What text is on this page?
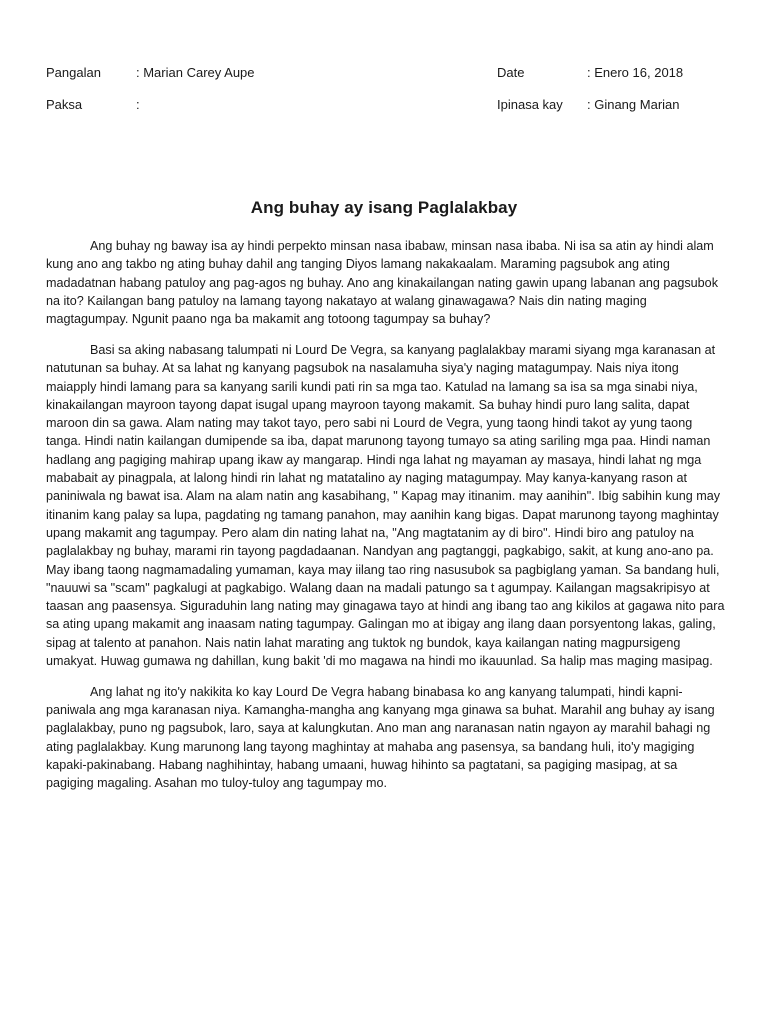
Pangalan	: Marian Carey Aupe	Date	: Enero 16, 2018
Paksa	:	Ipinasa kay : Ginang Marian
Ang buhay ay isang Paglalakbay

Ang buhay ng baway isa ay hindi perpekto minsan nasa ibabaw, minsan nasa ibaba. Ni isa sa atin ay hindi alam kung ano ang takbo ng ating buhay dahil ang tanging Diyos lamang nakakaalam. Maraming pagsubok ang ating madadatnan habang patuloy ang pag-agos ng buhay. Ano ang kinakailangan nating gawin upang labanan ang pagsubok na ito? Kailangan bang patuloy na lamang tayong nakatayo at walang ginawagawa? Nais din nating maging magtagumpay. Ngunit paano nga ba makamit ang totoong tagumpay sa buhay?

Basi sa aking nabasang talumpati ni Lourd De Vegra, sa kanyang paglalakbay marami siyang mga karanasan at natutunan sa buhay. At sa lahat ng kanyang pagsubok na nasalamuha siya'y naging matagumpay. Nais niya itong maiapply hindi lamang para sa kanyang sarili kundi pati rin sa mga tao. Katulad na lamang sa isa sa mga sinabi niya, kinakailangan mayroon tayong dapat isugal upang mayroon tayong makamit. Sa buhay hindi puro lang salita, dapat maroon din sa gawa. Alam nating may takot tayo, pero sabi ni Lourd de Vegra, yung taong hindi takot ay yung taong tanga. Hindi natin kailangan dumipende sa iba, dapat marunong tayong tumayo sa ating sariling mga paa. Hindi naman hadlang ang pagiging mahirap upang ikaw ay mangarap. Hindi nga lahat ng mayaman ay masaya, hindi lahat ng mga mababait ay pinagpala, at lalong hindi rin lahat ng matatalino ay naging matagumpay. May kanya-kanyang rason at paniniwala ng bawat isa. Alam na alam natin ang kasabihang, " Kapag may itinanim. may aanihin". Ibig sabihin kung may itinanim kang palay sa lupa, pagdating ng tamang panahon, may aanihin kang bigas. Dapat marunong tayong maghintay upang makamit ang tagumpay. Pero alam din nating lahat na, "Ang magtatanim ay di biro". Hindi biro ang patuloy na paglalakbay ng buhay, marami rin tayong pagdadaanan. Nandyan ang pagtanggi, pagkabigo, sakit, at kung ano-ano pa. May ibang taong nagmamadaling yumaman, kaya may iilang tao ring nasusubok sa pagbiglang yaman. Sa bandang huli, "nauuwi sa "scam" pagkalugi at pagkabigo. Walang daan na madali patungo sa t agumpay. Kailangan magsakripisyo at taasan ang paasensya. Siguraduhin lang nating may ginagawa tayo at hindi ang ibang tao ang kikilos at gagawa nito para sa ating upang makamit ang inaasam nating tagumpay. Galingan mo at ibigay ang ilang daan porsyentong lakas, galing, sipag at talento at panahon. Nais natin lahat marating ang tuktok ng bundok, kaya kailangan nating magpursigeng umakyat. Huwag gumawa ng dahillan, kung bakit 'di mo magawa na hindi mo ikauunlad. Sa halip mas maging masipag.

Ang lahat ng ito'y nakikita ko kay Lourd De Vegra habang binabasa ko ang kanyang talumpati, hindi kapni-paniwala ang mga karanasan niya. Kamangha-mangha ang kanyang mga ginawa sa buhat. Marahil ang buhay ay isang paglalakbay, puno ng pagsubok, laro, saya at kalungkutan. Ano man ang naranasan natin ngayon ay marahil bahagi ng ating paglalakbay. Kung marunong lang tayong maghintay at mahaba ang pasensya, sa bandang huli, ito'y magiging kapaki-pakinabang. Habang naghihintay, habang umaani, huwag hihinto sa pagtatani, sa pagiging masipag, at sa pagiging magaling. Asahan mo tuloy-tuloy ang tagumpay mo.
